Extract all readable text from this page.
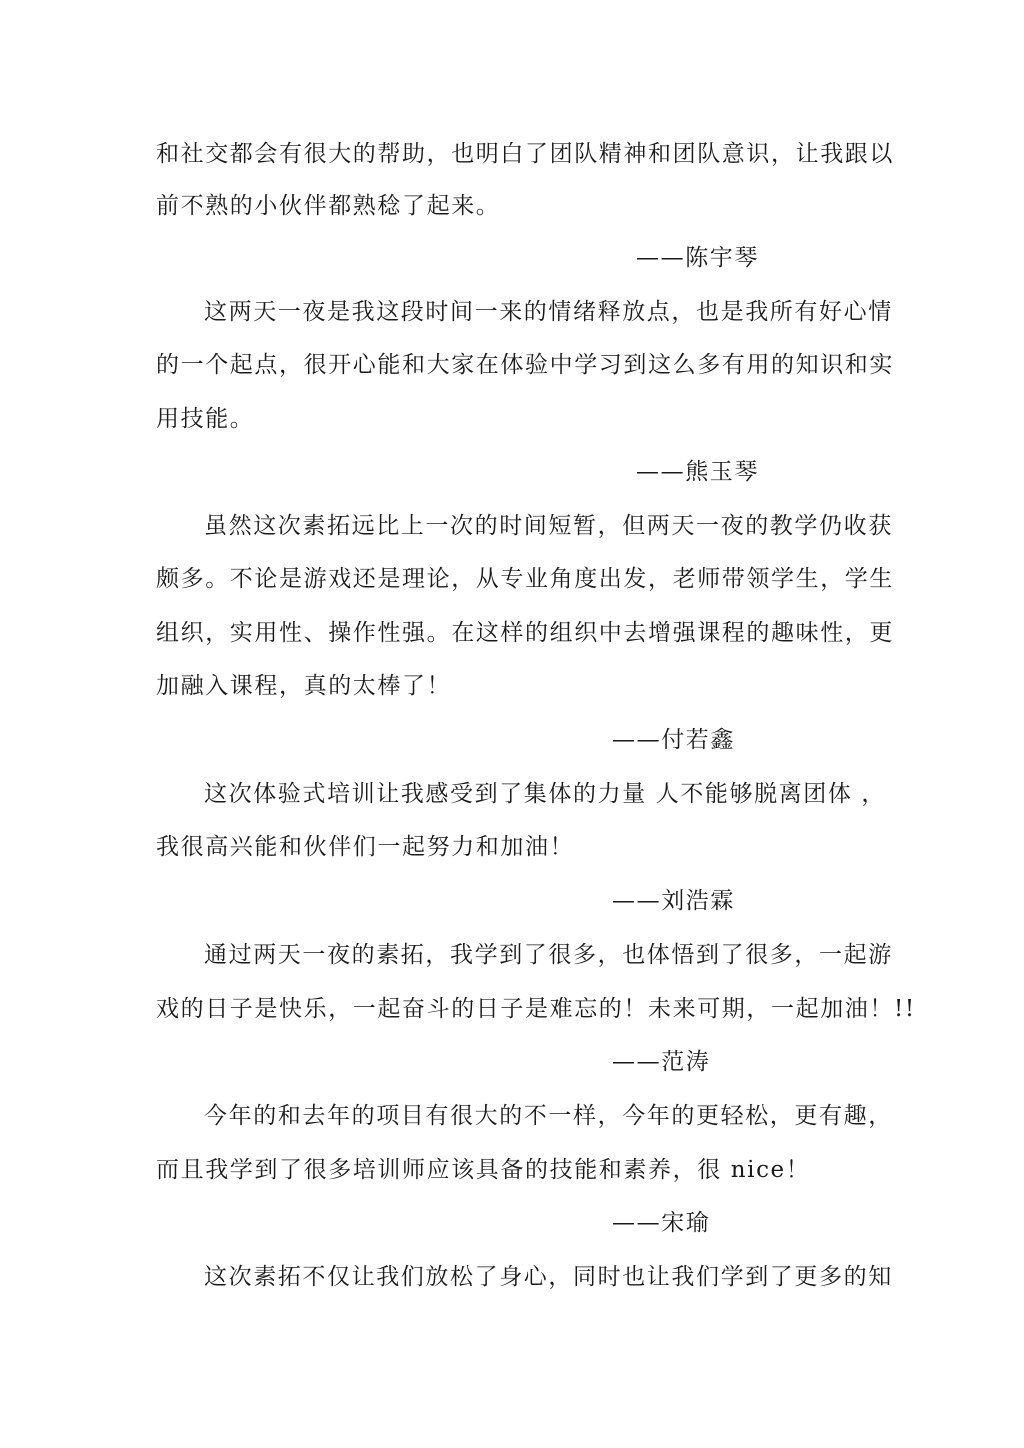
和社交都会有很大的帮助，也明白了团队精神和团队意识，让我跟以
前不熟的小伙伴都熟稔了起来。
——陈宇琴
这两天一夜是我这段时间一来的情绪释放点，也是我所有好心情
的一个起点，很开心能和大家在体验中学习到这么多有用的知识和实
用技能。
——熊玉琴
虽然这次素拓远比上一次的时间短暂，但两天一夜的教学仍收获
颇多。不论是游戏还是理论，从专业角度出发，老师带领学生，学生
组织，实用性、操作性强。在这样的组织中去增强课程的趣味性，更
加融入课程，真的太棒了！
——付若鑫
这次体验式培训让我感受到了集体的力量 人不能够脱离团体 ，
我很高兴能和伙伴们一起努力和加油！
——刘浩霖
通过两天一夜的素拓，我学到了很多，也体悟到了很多，一起游
戏的日子是快乐，一起奋斗的日子是难忘的！未来可期，一起加油！!!
——范涛
今年的和去年的项目有很大的不一样，今年的更轻松，更有趣，
而且我学到了很多培训师应该具备的技能和素养，很 nice！
——宋瑜
这次素拓不仅让我们放松了身心，同时也让我们学到了更多的知
